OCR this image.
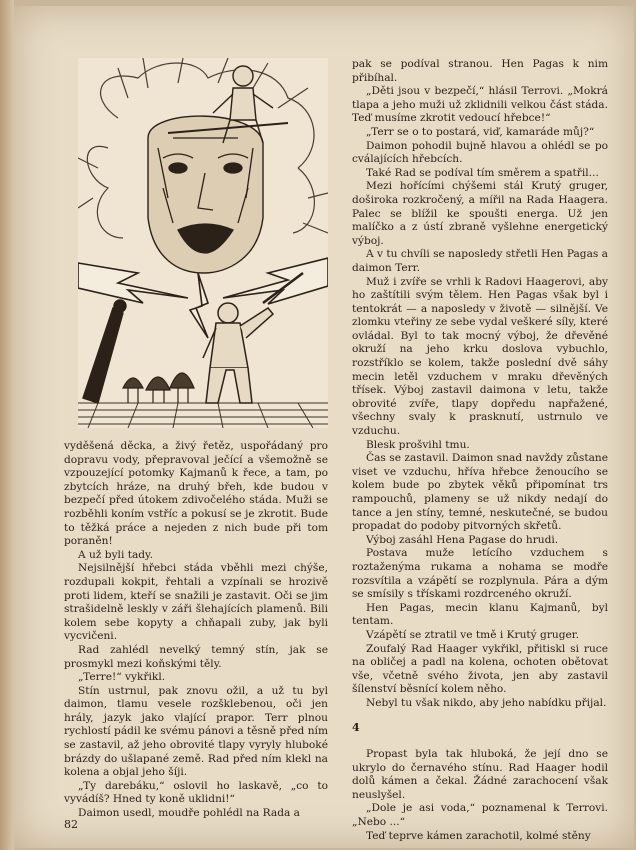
vyděšená děcka, a živý řetěz, uspořádaný pro dopravu vody, přepravoval ječící a všemožně se vzpouzející potomky Kajmanů k řece, a tam, po zbytcích hráze, na druhý břeh, kde budou v bezpečí před útokem zdivočelého stáda. Muži se rozběhli koním vstříc a pokusí se je zkrotit. Bude to těžká práce a nejeden z nich bude při tom poraněn!

A už byli tady.

Nejsilnější hřebci stáda vběhli mezi chýše, rozdupali kokpit, řehtali a vzpínali se hrozivě proti lidem, kteří se snažili je zastavit. Oči se jim strašidelně leskly v záři šlehajících plamenů. Bili kolem sebe kopyty a chňapali zuby, jak byli vycvičeni.

Rad zahlédl nevelký temný stín, jak se prosmykl mezi koňskými těly.

„Terre!“ vykřikl.

Stín ustrnul, pak znovu ožil, a už tu byl daimon, tlamu vesele rozšklebenou, oči jen hrály, jazyk jako vlající prapor. Terr plnou rychlostí pádil ke svému pánovi a těsně před ním se zastavil, až jeho obrovité tlapy vyryly hluboké brázdy do ušlapané země. Rad před ním klekl na kolena a objal jeho šíji.

„Ty darebáku,“ oslovil ho laskavě, „co to vyvádíš? Hned ty koně uklidni!“

Daimon usedl, moudře pohlédl na Rada a

pak se podíval stranou. Hen Pagas k nim přibíhal.

„Děti jsou v bezpečí,“ hlásil Terrovi. „Mokrá tlapa a jeho muži už zklidnili velkou část stáda. Teď musíme zkrotit vedoucí hřebce!“

„Terr se o to postará, viď, kamaráde můj?“

Daimon pohodil bujně hlavou a ohlédl se po cválajících hřebcích.

Také Rad se podíval tím směrem a spatřil...

Mezi hořícími chýšemi stál Krutý gruger, doširoka rozkročený, a mířil na Rada Haagera. Palec se blížil ke spoušti energa. Už jen malíčko a z ústí zbraně vyšlehne energetický výboj.

A v tu chvíli se naposledy střetli Hen Pagas a daimon Terr.

Muž i zvíře se vrhli k Radovi Haagerovi, aby ho zaštítili svým tělem. Hen Pagas však byl i tentokrát — a naposledy v životě — silnější. Ve zlomku vteřiny ze sebe vydal veškeré síly, které ovládal. Byl to tak mocný výboj, že dřevěné okruží na jeho krku doslova vybuchlo, rozstříklo se kolem, takže poslední dvě sáhy mecin letěl vzduchem v mraku dřevěných třísek. Výboj zastavil daimona v letu, takže obrovité zvíře, tlapy dopředu napřažené, všechny svaly k prasknutí, ustrnulo ve vzduchu.

Blesk prošvihl tmu.

Čas se zastavil. Daimon snad navždy zůstane viset ve vzduchu, hříva hřebce ženoucího se kolem bude po zbytek věků připomínat trs rampouchů, plameny se už nikdy nedají do tance a jen stíny, temné, neskutečné, se budou propadat do podoby pitvorných skřetů.

Výboj zasáhl Hena Pagase do hrudi.

Postava muže letícího vzduchem s roztaženýma rukama a nohama se modře rozsvítila a vzápětí se rozplynula. Pára a dým se smísily s třískami rozdrceného okruží.

Hen Pagas, mecin klanu Kajmanů, byl tentam.

Vzápětí se ztratil ve tmě i Krutý gruger.

Zoufalý Rad Haager vykřikl, přitiskl si ruce na obličej a padl na kolena, ochoten obětovat vše, včetně svého života, jen aby zastavil šílenství běsnící kolem něho.

Nebyl tu však nikdo, aby jeho nabídku přijal.

4

Propast byla tak hluboká, že její dno se ukrylo do černavého stínu. Rad Haager hodil dolů kámen a čekal. Žádné zarachocení však neuslyšel.

„Dole je asi voda,“ poznamenal k Terrovi. „Nebo ...“

Teď teprve kámen zarachotil, kolmé stěny

82
